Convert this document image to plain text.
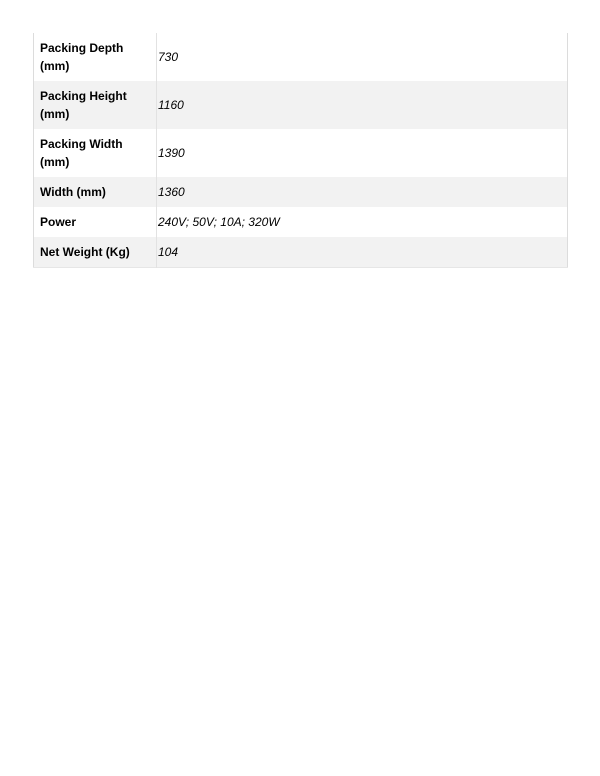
Packing Depth (mm)	730
Packing Height (mm)	1160
Packing Width (mm)	1390
Width (mm)	1360
Power	240V; 50V; 10A; 320W
Net Weight (Kg)	104
